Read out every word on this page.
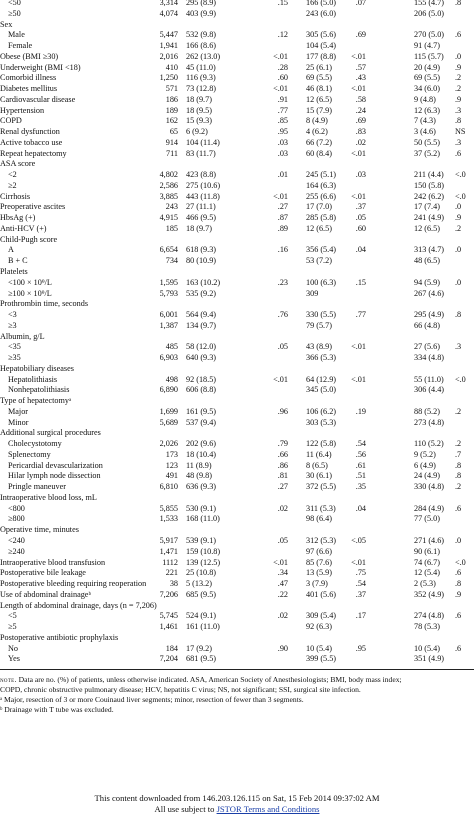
<50	3,314 295 (8.9)	.15 166 (5.0)	.07	155 (4.7) .8
≥50	4,074 403 (9.9)	243 (6.0)	206 (5.0)
Sex
Male	5,447 532 (9.8)	.12 305 (5.6)	.69	270 (5.0) .6
Female	1,941 166 (8.6)	104 (5.4)	91 (4.7)
Obese (BMI ≥30)	2,016 262 (13.0)	<.01 177 (8.8)	<.01	115 (5.7) .0
Underweight (BMI <18)	410 45 (11.0)	.28 25 (6.1)	.57	20 (4.9) .9
Comorbid illness	1,250 116 (9.3)	.60 69 (5.5)	.43	69 (5.5) .2
Diabetes mellitus	571 73 (12.8)	<.01 46 (8.1)	<.01	34 (6.0) .2
Cardiovascular disease	186 18 (9.7)	.91 12 (6.5)	.58	9 (4.8) .9
Hypertension	189 18 (9.5)	.77 15 (7.9)	.24	12 (6.3) .3
COPD	162 15 (9.3)	.85 8 (4.9)	.69	7 (4.3) .8
Renal dysfunction	65 6 (9.2)	.95 4 (6.2)	.83	3 (4.6) NS
Active tobacco use	914 104 (11.4)	.03 66 (7.2)	.02	50 (5.5) .3
Repeat hepatectomy	711 83 (11.7)	.03 60 (8.4)	<.01	37 (5.2) .6
ASA score
<2	4,802 423 (8.8)	.01 245 (5.1)	.03	211 (4.4) <.0
≥2	2,586 275 (10.6)	164 (6.3)	150 (5.8)
Cirrhosis	3,885 443 (11.8)	<.01 255 (6.6)	<.01	242 (6.2) <.0
Preoperative ascites	243 27 (11.1)	.27 17 (7.0)	.37	17 (7.4) .0
HbsAg (+)	4,915 466 (9.5)	.87 285 (5.8)	.05	241 (4.9) .9
Anti-HCV (+)	185 18 (9.7)	.89 12 (6.5)	.60	12 (6.5) .2
Child-Pugh score
A	6,654 618 (9.3)	.16 356 (5.4)	.04	313 (4.7) .0
B + C	734 80 (10.9)	53 (7.2)	48 (6.5)
Platelets
<100 × 10⁹/L	1,595 163 (10.2)	.23 100 (6.3)	.15	94 (5.9) .0
≥100 × 10⁹/L	5,793 535 (9.2)	309	267 (4.6)
Prothrombin time, seconds
<3	6,001 564 (9.4)	.76 330 (5.5)	.77	295 (4.9) .8
≥3	1,387 134 (9.7)	79 (5.7)	66 (4.8)
Albumin, g/L
<35	485 58 (12.0)	.05 43 (8.9)	<.01	27 (5.6) .3
≥35	6,903 640 (9.3)	366 (5.3)	334 (4.8)
Hepatobiliary diseases
Hepatolithiasis	498 92 (18.5)	<.01 64 (12.9)	<.01	55 (11.0) <.0
Nonhepatolithiasis	6,890 606 (8.8)	345 (5.0)	306 (4.4)
Type of hepatectomyᵃ
Major	1,699 161 (9.5)	.96 106 (6.2)	.19	88 (5.2) .2
Minor	5,689 537 (9.4)	303 (5.3)	273 (4.8)
Additional surgical procedures
Cholecystotomy	2,026 202 (9.6)	.79 122 (5.8)	.54	110 (5.2) .2
Splenectomy	173 18 (10.4)	.66 11 (6.4)	.56	9 (5.2) .7
Pericardial devascularization	123 11 (8.9)	.86 8 (6.5)	.61	6 (4.9) .8
Hilar lymph node dissection	491 48 (9.8)	.81 30 (6.1)	.51	24 (4.9) .8
Pringle maneuver	6,810 636 (9.3)	.27 372 (5.5)	.35	330 (4.8) .2
Intraoperative blood loss, mL
<800	5,855 530 (9.1)	.02 311 (5.3)	.04	284 (4.9) .6
≥800	1,533 168 (11.0)	98 (6.4)	77 (5.0)
Operative time, minutes
<240	5,917 539 (9.1)	.05 312 (5.3)	<.05	271 (4.6) .0
≥240	1,471 159 (10.8)	97 (6.6)	90 (6.1)
Intraoperative blood transfusion	1112 139 (12.5)	<.01 85 (7.6)	<.01	74 (6.7) <.0
Postoperative bile leakage	221 25 (10.8)	.34 13 (5.9)	.75	12 (5.4) .6
Postoperative bleeding requiring reoperation	38 5 (13.2)	.47 3 (7.9)	.54	2 (5.3) .8
Use of abdominal drainageᵇ	7,206 685 (9.5)	.22 401 (5.6)	.37	352 (4.9) .9
Length of abdominal drainage, days (n = 7,206)
<5	5,745 524 (9.1)	.02 309 (5.4)	.17	274 (4.8) .6
≥5	1,461 161 (11.0)	92 (6.3)	78 (5.3)
Postoperative antibiotic prophylaxis
No	184 17 (9.2)	.90 10 (5.4)	.95	10 (5.4) .6
Yes	7,204 681 (9.5)	399 (5.5)	351 (4.9)
note. Data are no. (%) of patients, unless otherwise indicated. ASA, American Society of Anesthesiologists; BMI, body mass index;
COPD, chronic obstructive pulmonary disease; HCV, hepatitis C virus; NS, not significant; SSI, surgical site infection.
ᵃ Major, resection of 3 or more Couinaud liver segments; minor, resection of fewer than 3 segments.
ᵇ Drainage with T tube was excluded.
This content downloaded from 146.203.126.115 on Sat, 15 Feb 2014 09:37:02 AM
All use subject to JSTOR Terms and Conditions
